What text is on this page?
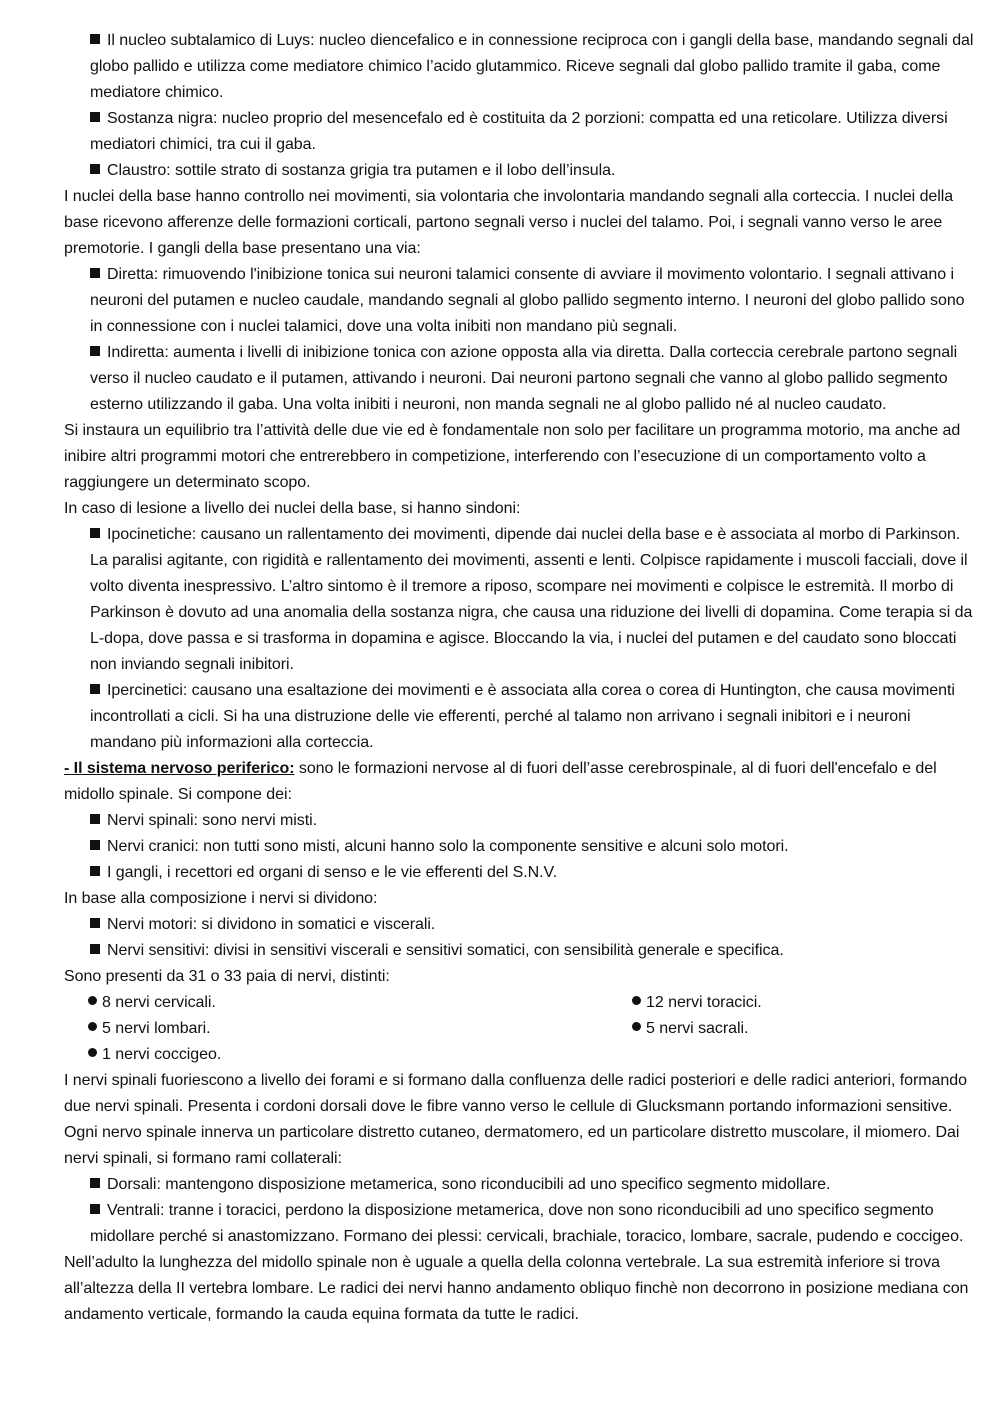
Il nucleo subtalamico di Luys: nucleo diencefalico e in connessione reciproca con i gangli della base, mandando segnali dal globo pallido e utilizza come mediatore chimico l’acido glutammico. Riceve segnali dal globo pallido tramite il gaba, come mediatore chimico.

Sostanza nigra: nucleo proprio del mesencefalo ed è costituita da 2 porzioni: compatta ed una reticolare. Utilizza diversi mediatori chimici, tra cui il gaba.

Claustro: sottile strato di sostanza grigia tra putamen e il lobo dell’insula.

I nuclei della base hanno controllo nei movimenti, sia volontaria che involontaria mandando segnali alla corteccia. I nuclei della base ricevono afferenze delle formazioni corticali, partono segnali verso i nuclei del talamo. Poi, i segnali vanno verso le aree premotorie. I gangli della base presentano una via:

Diretta: rimuovendo l'inibizione tonica sui neuroni talamici consente di avviare il movimento volontario. I segnali attivano i neuroni del putamen e nucleo caudale, mandando segnali al globo pallido segmento interno. I neuroni del globo pallido sono in connessione con i nuclei talamici, dove una volta inibiti non mandano più segnali.

Indiretta: aumenta i livelli di inibizione tonica con azione opposta alla via diretta. Dalla corteccia cerebrale partono segnali verso il nucleo caudato e il putamen, attivando i neuroni. Dai neuroni partono segnali che vanno al globo pallido segmento esterno utilizzando il gaba. Una volta inibiti i neuroni, non manda segnali ne al globo pallido né al nucleo caudato.

Si instaura un equilibrio tra l’attività delle due vie ed è fondamentale non solo per facilitare un programma motorio, ma anche ad inibire altri programmi motori che entrerebbero in competizione, interferendo con l’esecuzione di un comportamento volto a raggiungere un determinato scopo.

In caso di lesione a livello dei nuclei della base, si hanno sindoni:

Ipocinetiche: causano un rallentamento dei movimenti, dipende dai nuclei della base e è associata al morbo di Parkinson. La paralisi agitante, con rigidità e rallentamento dei movimenti, assenti e lenti. Colpisce rapidamente i muscoli facciali, dove il volto diventa inespressivo. L’altro sintomo è il tremore a riposo, scompare nei movimenti e colpisce le estremità. Il morbo di Parkinson è dovuto ad una anomalia della sostanza nigra, che causa una riduzione dei livelli di dopamina. Come terapia si da L-dopa, dove passa e si trasforma in dopamina e agisce. Bloccando la via, i nuclei del putamen e del caudato sono bloccati non inviando segnali inibitori.

Ipercinetici: causano una esaltazione dei movimenti e è associata alla corea o corea di Huntington, che causa movimenti incontrollati a cicli. Si ha una distruzione delle vie efferenti, perché al talamo non arrivano i segnali inibitori e i neuroni mandano più informazioni alla corteccia.

- Il sistema nervoso periferico: sono le formazioni nervose al di fuori dell’asse cerebrospinale, al di fuori dell'encefalo e del midollo spinale. Si compone dei:

Nervi spinali: sono nervi misti.

Nervi cranici: non tutti sono misti, alcuni hanno solo la componente sensitive e alcuni solo motori.

I gangli, i recettori ed organi di senso e le vie efferenti del S.N.V.

In base alla composizione i nervi si dividono:

Nervi motori: si dividono in somatici e viscerali.

Nervi sensitivi: divisi in sensitivi viscerali e sensitivi somatici, con sensibilità generale e specifica.

Sono presenti da 31 o 33 paia di nervi, distinti:

8 nervi cervicali.	12 nervi toracici.
5 nervi lombari.	5 nervi sacrali.
1 nervi coccigeo.

I nervi spinali fuoriescono a livello dei forami e si formano dalla confluenza delle radici posteriori e delle radici anteriori, formando due nervi spinali. Presenta i cordoni dorsali dove le fibre vanno verso le cellule di Glucksmann portando informazioni sensitive. Ogni nervo spinale innerva un particolare distretto cutaneo, dermatomero, ed un particolare distretto muscolare, il miomero. Dai nervi spinali, si formano rami collaterali:

Dorsali: mantengono disposizione metamerica, sono riconducibili ad uno specifico segmento midollare.

Ventrali: tranne i toracici, perdono la disposizione metamerica, dove non sono riconducibili ad uno specifico segmento midollare perché si anastomizzano. Formano dei plessi: cervicali, brachiale, toracico, lombare, sacrale, pudendo e coccigeo.

Nell’adulto la lunghezza del midollo spinale non è uguale a quella della colonna vertebrale. La sua estremità inferiore si trova all’altezza della II vertebra lombare. Le radici dei nervi hanno andamento obliquo finchè non decorrono in posizione mediana con andamento verticale, formando la cauda equina formata da tutte le radici.
